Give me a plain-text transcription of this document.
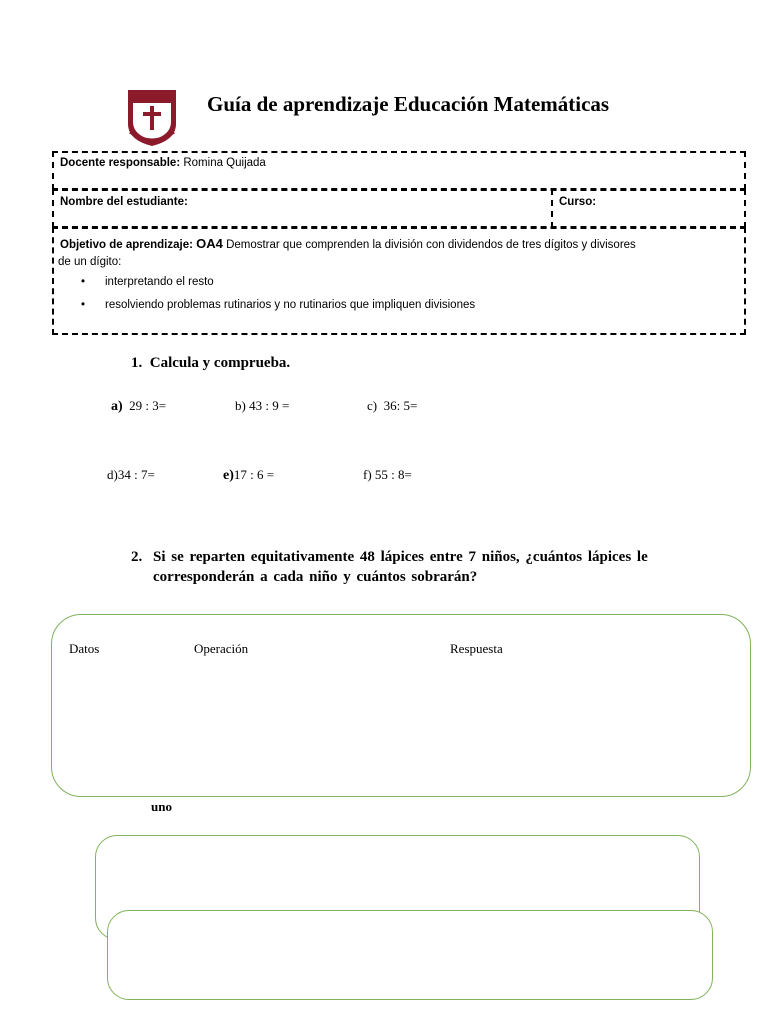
Guía de aprendizaje Educación Matemáticas
Docente responsable: Romina Quijada
Nombre del estudiante:	Curso:
Objetivo de aprendizaje: OA4 Demostrar que comprenden la división con dividendos de tres dígitos y divisores
de un dígito:
• interpretando el resto
• resolviendo problemas rutinarios y no rutinarios que impliquen divisiones
1. Calcula y comprueba.
a) 29 : 3=	b) 43 : 9 =	c) 36: 5=
d)34 : 7=	e)17 : 6 =	f) 55 : 8=
2. Si se reparten equitativamente 48 lápices entre 7 niños, ¿cuántos lápices le corresponderán a cada niño y cuántos sobrarán?
Datos	Operación	Respuesta
uno
